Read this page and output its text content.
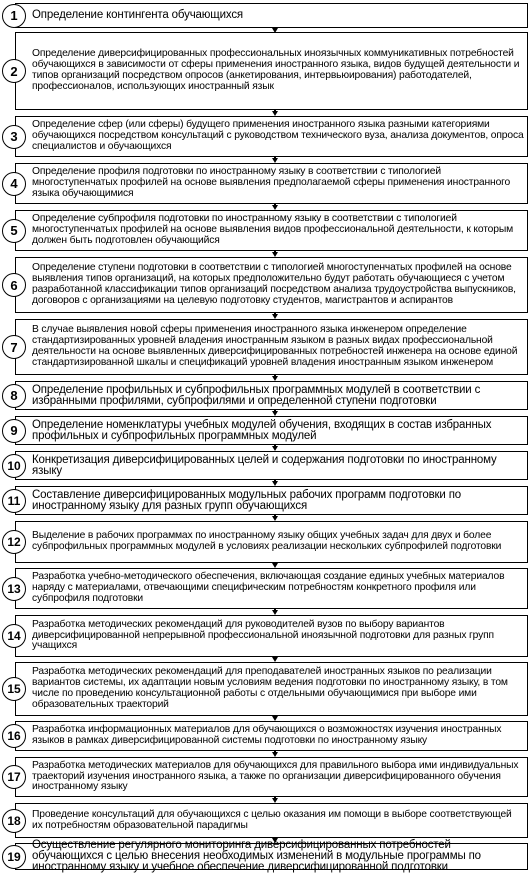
1	Определение контингента обучающихся
2
Определение диверсифицированных профессиональных иноязычных коммуникативных потребностей обучающихся в зависимости от сферы применения иностранного языка, видов будущей деятельности и типов организаций посредством опросов (анкетирования, интервьюирования) работодателей, профессионалов, использующих иностранный язык
3
Определение сфер (или сферы) будущего применения иностранного языка разными категориями обучающихся посредством консультаций с руководством технического вуза, анализа документов, опроса специалистов и обучающихся
4
Определение профиля подготовки по иностранному языку в соответствии с типологией многоступенчатых профилей на основе выявления предполагаемой сферы применения иностранного языка обучающимися
5
Определение субпрофиля подготовки по иностранному языку в соответствии с типологией многоступенчатых профилей на основе выявления видов профессиональной деятельности, к которым должен быть подготовлен обучающийся
6
Определение ступени подготовки в соответствии с типологией многоступенчатых профилей на основе выявления типов организаций, на которых предположительно будут работать обучающиеся с учетом разработанной классификации типов организаций посредством анализа трудоустройства выпускников, договоров с организациями на целевую подготовку студентов, магистрантов и аспирантов
7
В случае выявления новой сферы применения иностранного языка инженером определение стандартизированных уровней владения иностранным языком в разных видах профессиональной деятельности на основе выявленных диверсифицированных потребностей инженера на основе единой стандартизированной шкалы и спецификаций уровней владения иностранным языком инженером
8	Определение профильных и субпрофильных программных модулей в соответствии с избранными профилями, субпрофилями и определенной ступени подготовки
9	Определение номенклатуры учебных модулей обучения, входящих в состав избранных профильных и субпрофильных программных модулей
10 Конкретизация диверсифицированных целей и содержания подготовки по иностранному языку
11	Составление диверсифицированных модульных рабочих программ подготовки по иностранному языку для разных групп обучающихся
12	Выделение в рабочих программах по иностранному языку общих учебных задач для двух и более субпрофильных программных модулей в условиях реализации нескольких субпрофилей подготовки
13
Разработка учебно-методического обеспечения, включающая создание единых учебных материалов наряду с материалами, отвечающими специфическим потребностям конкретного профиля или субпрофиля подготовки
14
Разработка методических рекомендаций для руководителей вузов по выбору вариантов диверсифицированной непрерывной профессиональной иноязычной подготовки для разных групп учащихся
15
Разработка методических рекомендаций для преподавателей иностранных языков по реализации вариантов системы, их адаптации новым условиям ведения подготовки по иностранному языку, в том числе по проведению консультационной работы с отдельными обучающимися при выборе ими образовательных траекторий
16	Разработка информационных материалов для обучающихся о возможностях изучения иностранных языков в рамках диверсифицированной системы подготовки по иностранному языку
17
Разработка методических материалов для обучающихся для правильного выбора ими индивидуальных траекторий изучения иностранного языка, а также по организации диверсифицированного обучения иностранному языку
18	Проведение консультаций для обучающихся с целью оказания им помощи в выборе соответствующей их потребностям образовательной парадигмы
19
Осуществление регулярного мониторинга диверсифицированных потребностей обучающихся с целью внесения необходимых изменений в модульные программы по иностранному языку и учебное обеспечение диверсифицированной подготовки
